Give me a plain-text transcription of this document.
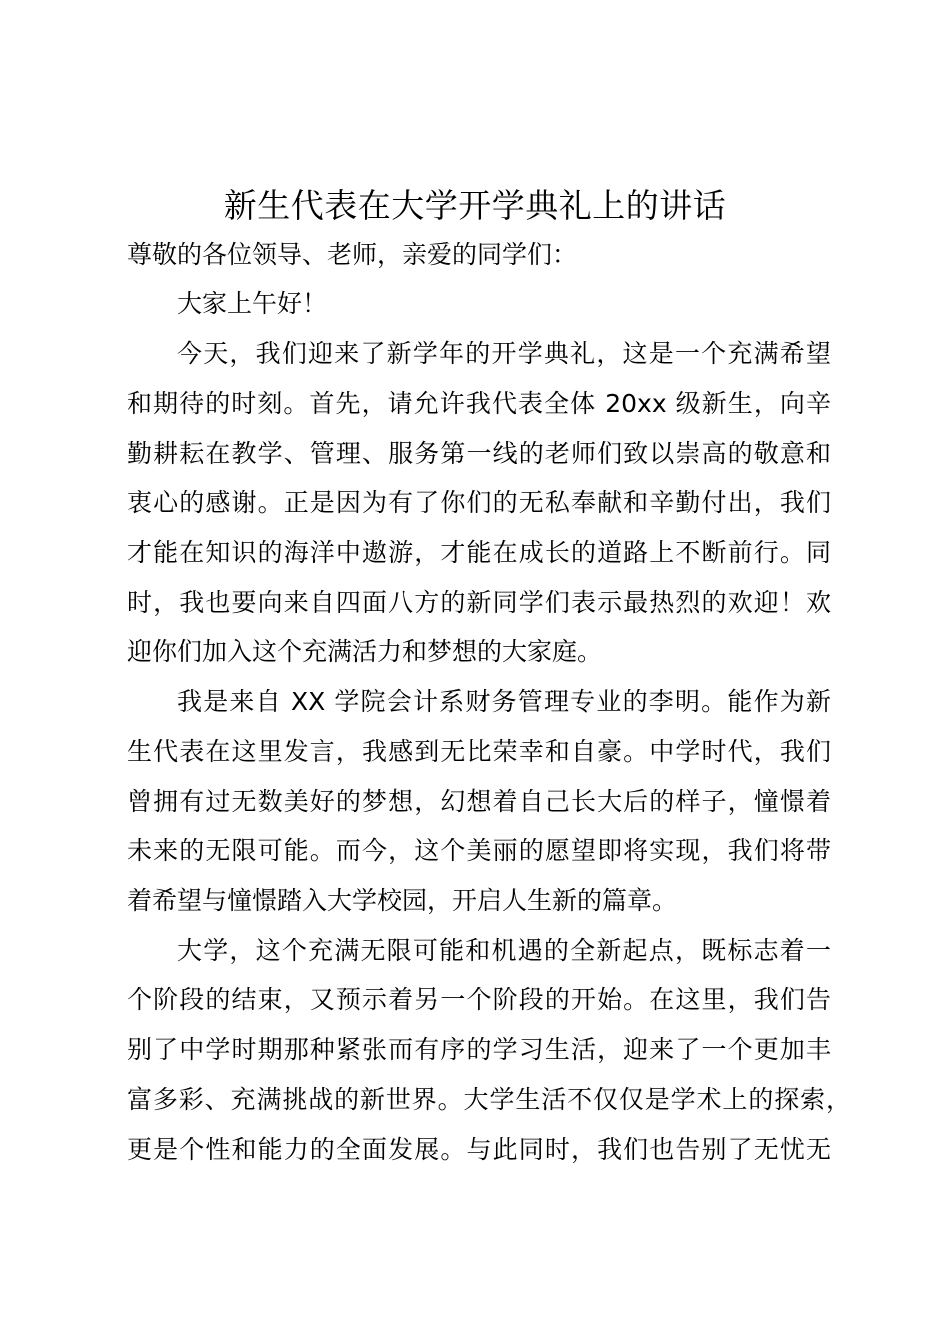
新生代表在大学开学典礼上的讲话
尊敬的各位领导、老师，亲爱的同学们：
大家上午好！
今天，我们迎来了新学年的开学典礼，这是一个充满希望
和期待的时刻。首先，请允许我代表全体 20xx 级新生，向辛
勤耕耘在教学、管理、服务第一线的老师们致以崇高的敬意和
衷心的感谢。正是因为有了你们的无私奉献和辛勤付出，我们
才能在知识的海洋中遨游，才能在成长的道路上不断前行。同
时，我也要向来自四面八方的新同学们表示最热烈的欢迎！欢
迎你们加入这个充满活力和梦想的大家庭。
我是来自 XX 学院会计系财务管理专业的李明。能作为新
生代表在这里发言，我感到无比荣幸和自豪。中学时代，我们
曾拥有过无数美好的梦想，幻想着自己长大后的样子，憧憬着
未来的无限可能。而今，这个美丽的愿望即将实现，我们将带
着希望与憧憬踏入大学校园，开启人生新的篇章。
大学，这个充满无限可能和机遇的全新起点，既标志着一
个阶段的结束，又预示着另一个阶段的开始。在这里，我们告
别了中学时期那种紧张而有序的学习生活，迎来了一个更加丰
富多彩、充满挑战的新世界。大学生活不仅仅是学术上的探索，
更是个性和能力的全面发展。与此同时，我们也告别了无忧无
